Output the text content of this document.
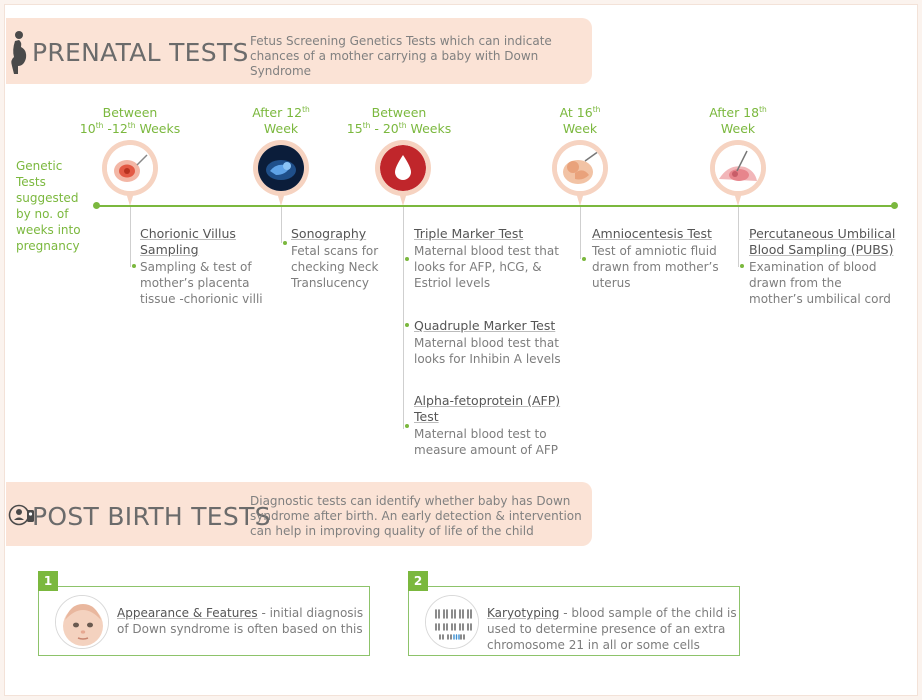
PRENATAL TESTS Fetus Screening Genetics Tests which can indicate chances of a mother carrying a baby with Down Syndrome
Between
10th -12th Weeks
After 12th
Week
Between
15th - 20th Weeks
At 16th
Week
After 18th
Week
Genetic Tests suggested by no. of weeks into pregnancy
Chorionic Villus Sampling
Sampling & test of mother’s placenta tissue -chorionic villi
Sonography
Fetal scans for checking Neck Translucency
Triple Marker Test
Maternal blood test that looks for AFP, hCG, & Estriol levels
Quadruple Marker Test
Maternal blood test that looks for Inhibin A levels
Alpha-fetoprotein (AFP) Test
Maternal blood test to measure amount of AFP
Amniocentesis Test
Test of amniotic fluid drawn from mother’s uterus
Percutaneous Umbilical Blood Sampling (PUBS)
Examination of blood drawn from the mother’s umbilical cord
POST BIRTH TESTS
Diagnostic tests can identify whether baby has Down syndrome after birth. An early detection & intervention can help in improving quality of life of the child
1
Appearance & Features - initial diagnosis of Down syndrome is often based on this
2
Karyotyping - blood sample of the child is used to determine presence of an extra chromosome 21 in all or some cells
